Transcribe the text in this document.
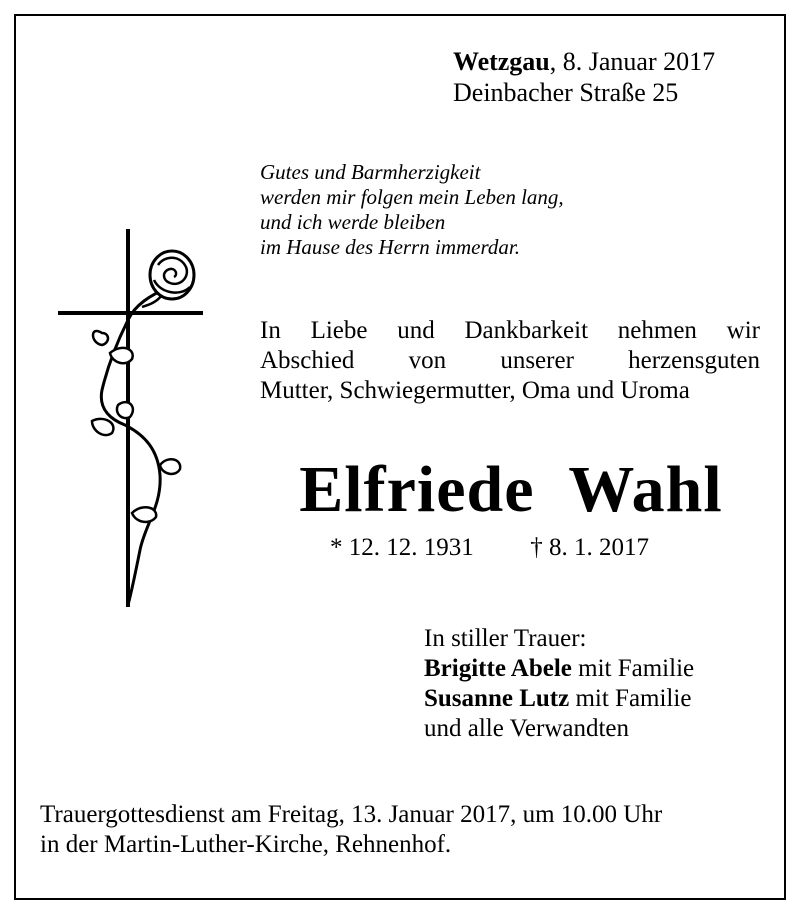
Wetzgau, 8. Januar 2017
Deinbacher Straße 25
Gutes und Barmherzigkeit
werden mir folgen mein Leben lang,
und ich werde bleiben
im Hause des Herrn immerdar.
In Liebe und Dankbarkeit nehmen wir
Abschied von unserer herzensguten
Mutter, Schwiegermutter, Oma und Uroma
Elfriede  Wahl
* 12. 12. 1931 † 8. 1. 2017
In stiller Trauer:
Brigitte Abele mit Familie
Susanne Lutz mit Familie
und alle Verwandten
Trauergottesdienst am Freitag, 13. Januar 2017, um 10.00 Uhr
in der Martin-Luther-Kirche, Rehnenhof.
